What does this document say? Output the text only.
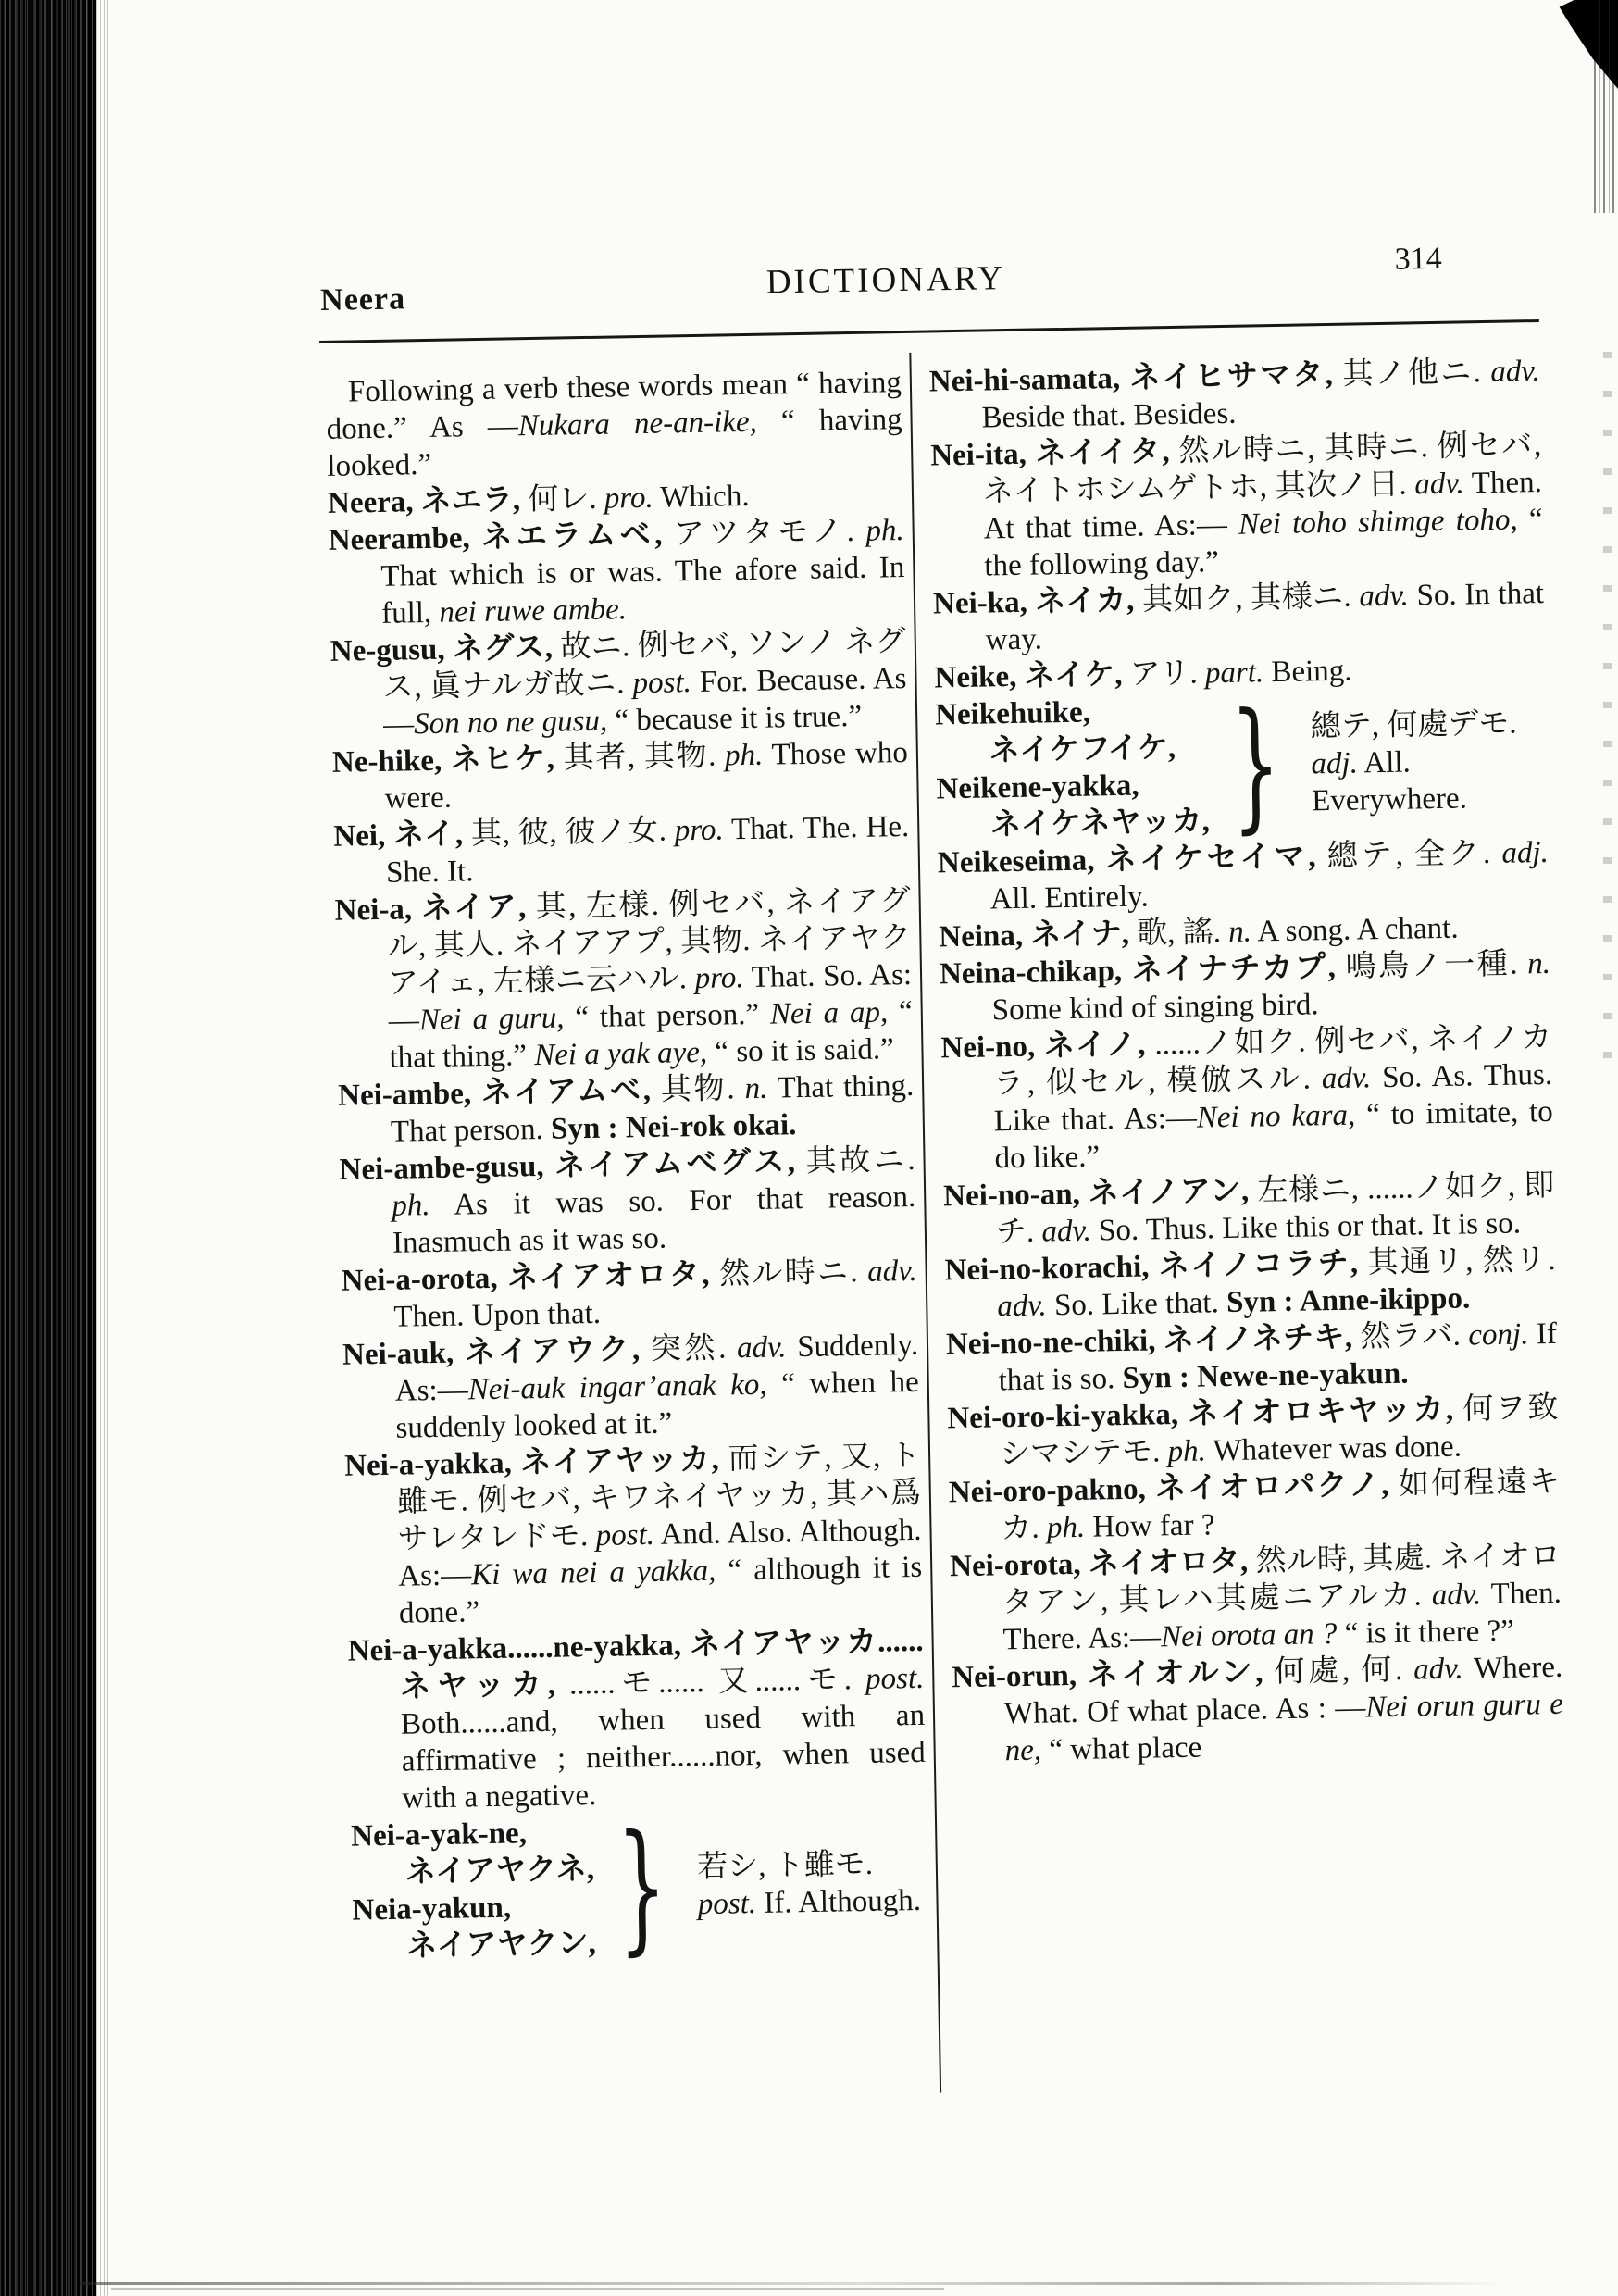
Neera	DICTIONARY
314
Following a verb these words mean “ having done.” As —Nukara ne-an-ike, “ having looked.”
Neera, ネエラ, 何レ. pro. Which.
Neerambe, ネエラムベ, アツタモノ. ph. That which is or was. The afore said. In full, nei ruwe ambe.
Ne-gusu, ネグス, 故ニ. 例セバ, ソンノ ネグス, 眞ナルガ故ニ. post. For. Because. As —Son no ne gusu, “ because it is true.”
Ne-hike, ネヒケ, 其者, 其物. ph. Those who were.
Nei, ネイ, 其, 彼, 彼ノ女. pro. That. The. He. She. It.
Nei-a, ネイア, 其, 左様. 例セバ, ネイアグル, 其人. ネイアアプ, 其物. ネイアヤクアイェ, 左様ニ云ハル. pro. That. So. As:—Nei a guru, “ that person.” Nei a ap, “ that thing.” Nei a yak aye, “ so it is said.”
Nei-ambe, ネイアムベ, 其物. n. That thing. That person. Syn : Nei-rok okai.
Nei-ambe-gusu, ネイアムベグス, 其故ニ. ph. As it was so. For that reason. Inasmuch as it was so.
Nei-a-orota, ネイアオロタ, 然ル時ニ. adv. Then. Upon that.
Nei-auk, ネイアウク, 突然. adv. Suddenly. As:—Nei-auk ingar’anak ko, “ when he suddenly looked at it.”
Nei-a-yakka, ネイアヤッカ, 而シテ, 又, ト雖モ. 例セバ, キワネイヤッカ, 其ハ爲サレタレドモ. post. And. Also. Although. As:—Ki wa nei a yakka, “ although it is done.”
Nei-a-yakka......ne-yakka, ネイアヤッカ......ネヤッカ, ......モ...... 又......モ. post. Both......and, when used with an affirmative ; neither......nor, when used with a negative.
Nei-a-yak-ne,
ネイアヤクネ,
Neia-yakun,
ネイアヤクン, } 若シ, ト雖モ. post. If. Although.
Nei-hi-samata, ネイヒサマタ, 其ノ他ニ. adv. Beside that. Besides.
Nei-ita, ネイイタ, 然ル時ニ, 其時ニ. 例セバ, ネイトホシムゲトホ, 其次ノ日. adv. Then. At that time. As:— Nei toho shimge toho, “ the following day.”
Nei-ka, ネイカ, 其如ク, 其様ニ. adv. So. In that way.
Neike, ネイケ, アリ. part. Being.
Neikehuike,
ネイケフイケ,
Neikene-yakka,
ネイケネヤッカ, } 總テ, 何處デモ. adj. All. Everywhere.
Neikeseima, ネイケセイマ, 總テ, 全ク. adj. All. Entirely.
Neina, ネイナ, 歌, 謠. n. A song. A chant.
Neina-chikap, ネイナチカプ, 鳴鳥ノ一種. n. Some kind of singing bird.
Nei-no, ネイノ, ......ノ如ク. 例セバ, ネイノカラ, 似セル, 模倣スル. adv. So. As. Thus. Like that. As:—Nei no kara, “ to imitate, to do like.”
Nei-no-an, ネイノアン, 左様ニ, ......ノ如ク, 即チ. adv. So. Thus. Like this or that. It is so.
Nei-no-korachi, ネイノコラチ, 其通リ, 然リ. adv. So. Like that. Syn : Anne-ikippo.
Nei-no-ne-chiki, ネイノネチキ, 然ラバ. conj. If that is so. Syn : Newe-ne-yakun.
Nei-oro-ki-yakka, ネイオロキヤッカ, 何ヲ致シマシテモ. ph. Whatever was done.
Nei-oro-pakno, ネイオロパクノ, 如何程遠キカ. ph. How far ?
Nei-orota, ネイオロタ, 然ル時, 其處. ネイオロタアン, 其レハ其處ニアルカ. adv. Then. There. As:—Nei orota an ? “ is it there ?”
Nei-orun, ネイオルン, 何處, 何. adv. Where. What. Of what place. As : —Nei orun guru e ne, “ what place
